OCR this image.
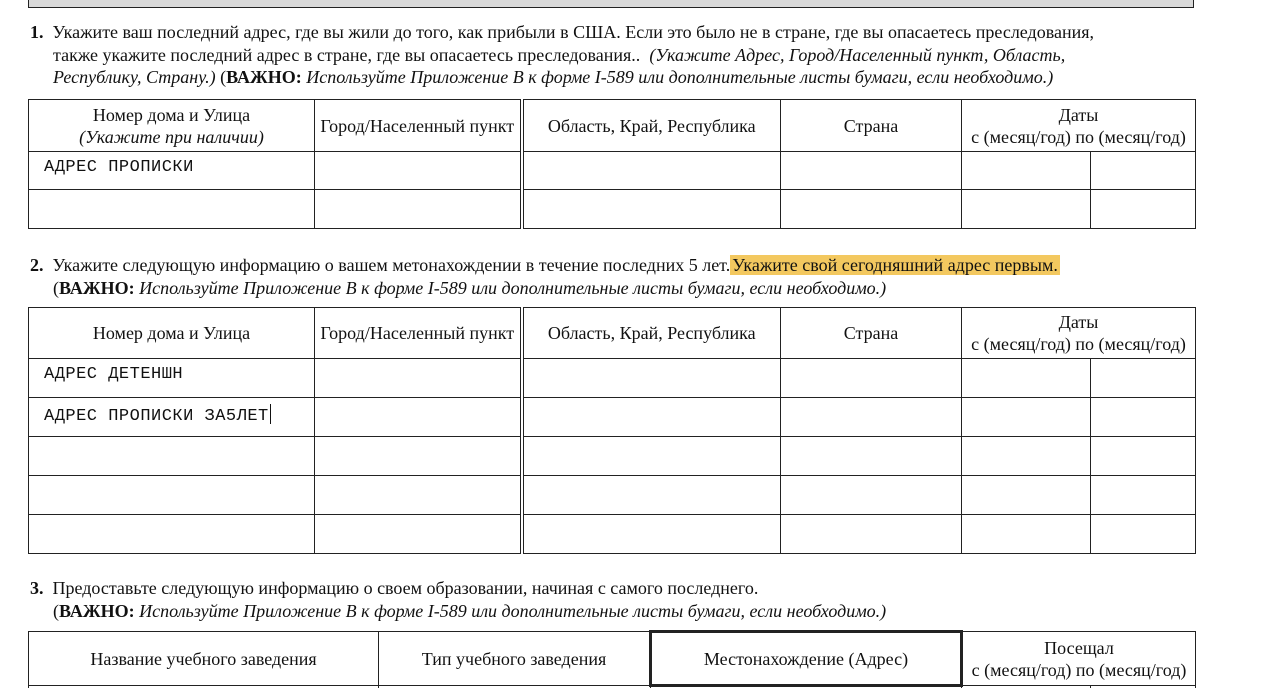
1. Укажите ваш последний адрес, где вы жили до того, как прибыли в США. Если это было не в стране, где вы опасаетесь преследования,
также укажите последний адрес в стране, где вы опасаетесь преследования.. (Укажите Адрес, Город/Населенный пункт, Область,
Республику, Страну.) (ВАЖНО: Используйте Приложение B к форме I-589 или дополнительные листы бумаги, если необходимо.)
Номер дома и Улица
(Укажите при наличии)	Город/Населенный пункт	Область, Край, Республика	Страна	Даты
с (месяц/год) по (месяц/год)	

АДРЕС ПРОПИСКИ					

2. Укажите следующую информацию о вашем метонахождении в течение последних 5 лет. Укажите свой сегодняшний адрес первым.
(ВАЖНО: Используйте Приложение B к форме I-589 или дополнительные листы бумаги, если необходимо.)
Номер дома и Улица	Город/Населенный пункт	Область, Край, Республика	Страна	Даты
с (месяц/год) по (месяц/год)	

АДРЕС ДЕТЕНШН					
АДРЕС ПРОПИСКИ ЗА5ЛЕТ					

3. Предоставьте следующую информацию о своем образовании, начиная с самого последнего.
(ВАЖНО: Используйте Приложение B к форме I-589 или дополнительные листы бумаги, если необходимо.)
Название учебного заведения	Тип учебного заведения	Местонахождение (Адрес)	Посещал
с (месяц/год) по (месяц/год)	
